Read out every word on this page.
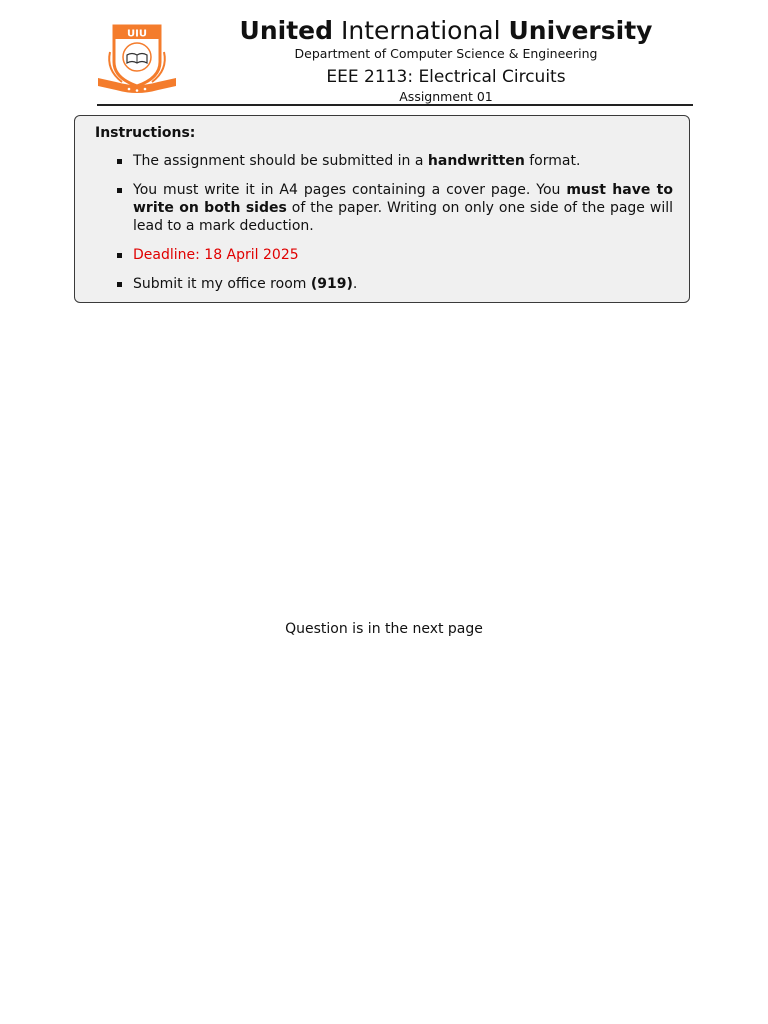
UIU	United International University
Department of Computer Science & Engineering
EEE 2113: Electrical Circuits
Assignment 01
Instructions:
The assignment should be submitted in a handwritten format.
You must write it in A4 pages containing a cover page. You must have to write on both sides of the paper. Writing on only one side of the page will lead to a mark deduction.
Deadline: 18 April 2025
Submit it my office room (919).
Question is in the next page
